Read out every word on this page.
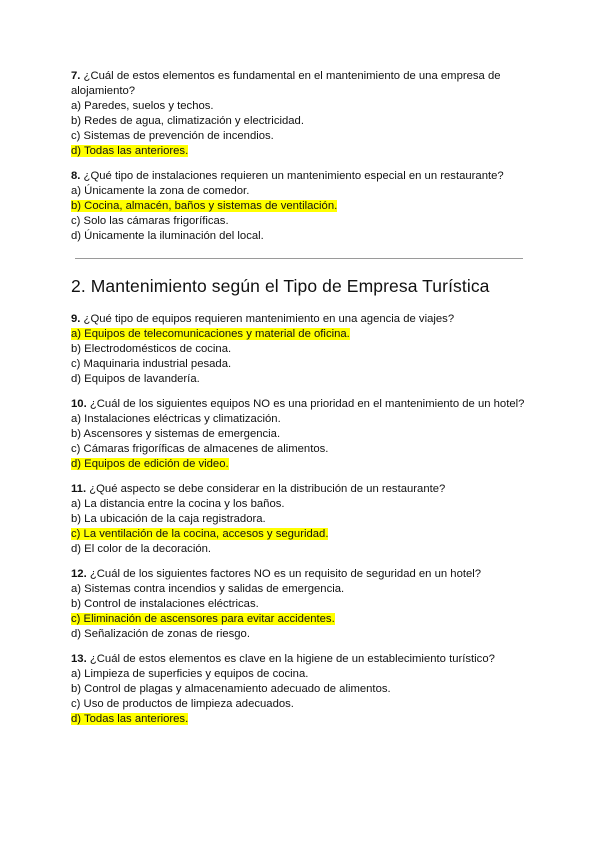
7. ¿Cuál de estos elementos es fundamental en el mantenimiento de una empresa de alojamiento?
a) Paredes, suelos y techos.
b) Redes de agua, climatización y electricidad.
c) Sistemas de prevención de incendios.
d) Todas las anteriores.
8. ¿Qué tipo de instalaciones requieren un mantenimiento especial en un restaurante?
a) Únicamente la zona de comedor.
b) Cocina, almacén, baños y sistemas de ventilación.
c) Solo las cámaras frigoríficas.
d) Únicamente la iluminación del local.
2. Mantenimiento según el Tipo de Empresa Turística
9. ¿Qué tipo de equipos requieren mantenimiento en una agencia de viajes?
a) Equipos de telecomunicaciones y material de oficina.
b) Electrodomésticos de cocina.
c) Maquinaria industrial pesada.
d) Equipos de lavandería.
10. ¿Cuál de los siguientes equipos NO es una prioridad en el mantenimiento de un hotel?
a) Instalaciones eléctricas y climatización.
b) Ascensores y sistemas de emergencia.
c) Cámaras frigoríficas de almacenes de alimentos.
d) Equipos de edición de video.
11. ¿Qué aspecto se debe considerar en la distribución de un restaurante?
a) La distancia entre la cocina y los baños.
b) La ubicación de la caja registradora.
c) La ventilación de la cocina, accesos y seguridad.
d) El color de la decoración.
12. ¿Cuál de los siguientes factores NO es un requisito de seguridad en un hotel?
a) Sistemas contra incendios y salidas de emergencia.
b) Control de instalaciones eléctricas.
c) Eliminación de ascensores para evitar accidentes.
d) Señalización de zonas de riesgo.
13. ¿Cuál de estos elementos es clave en la higiene de un establecimiento turístico?
a) Limpieza de superficies y equipos de cocina.
b) Control de plagas y almacenamiento adecuado de alimentos.
c) Uso de productos de limpieza adecuados.
d) Todas las anteriores.
